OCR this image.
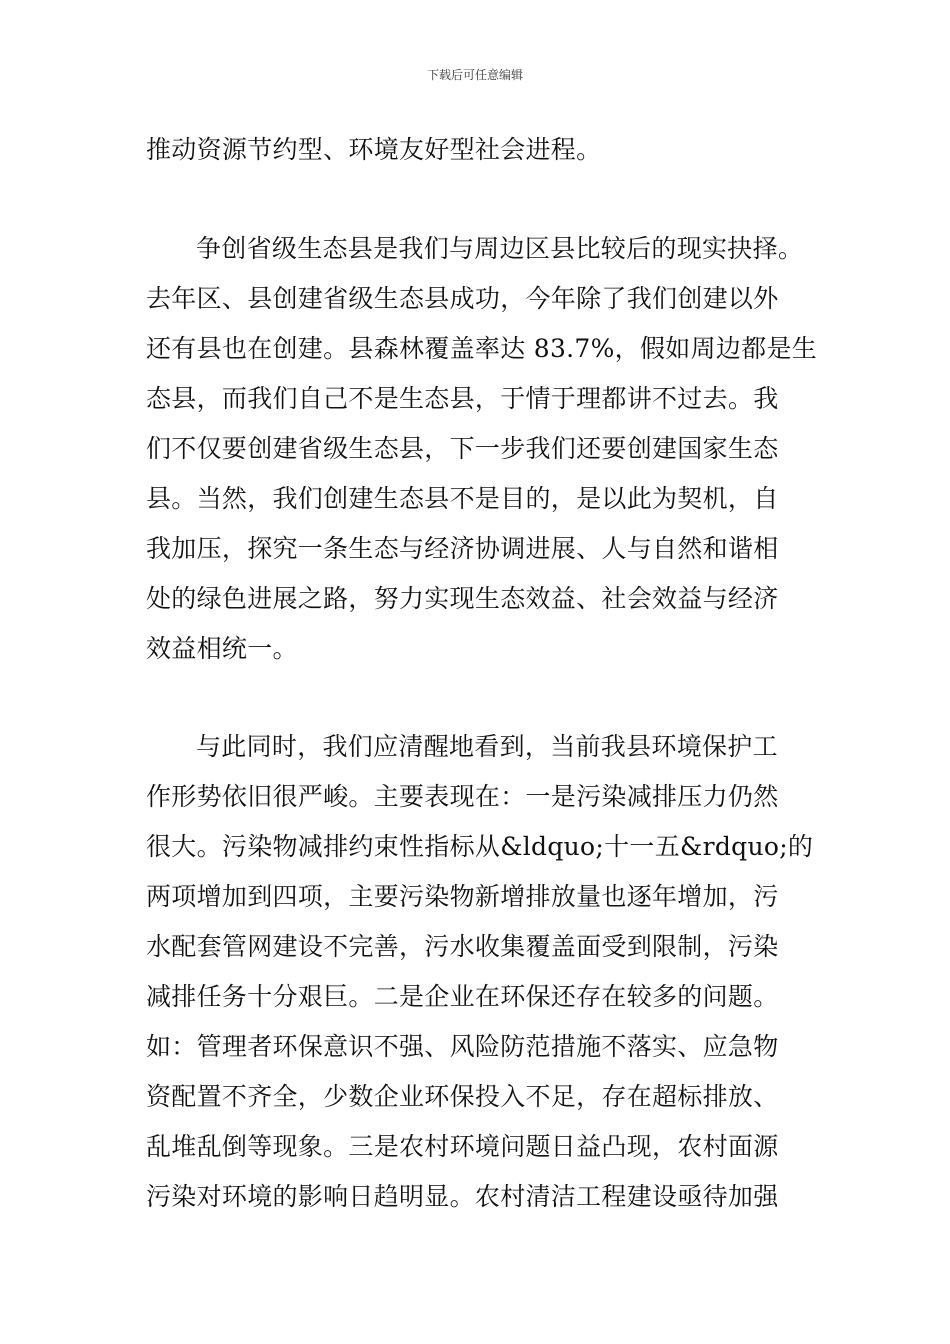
下载后可任意编辑
推动资源节约型、环境友好型社会进程。
争创省级生态县是我们与周边区县比较后的现实抉择。
去年区、县创建省级生态县成功，今年除了我们创建以外
还有县也在创建。县森林覆盖率达 83.7%，假如周边都是生
态县，而我们自己不是生态县，于情于理都讲不过去。我
们不仅要创建省级生态县，下一步我们还要创建国家生态
县。当然，我们创建生态县不是目的，是以此为契机，自
我加压，探究一条生态与经济协调进展、人与自然和谐相
处的绿色进展之路，努力实现生态效益、社会效益与经济
效益相统一。
与此同时，我们应清醒地看到，当前我县环境保护工
作形势依旧很严峻。主要表现在：一是污染减排压力仍然
很大。污染物减排约束性指标从&ldquo;十一五&rdquo;的
两项增加到四项，主要污染物新增排放量也逐年增加，污
水配套管网建设不完善，污水收集覆盖面受到限制，污染
减排任务十分艰巨。二是企业在环保还存在较多的问题。
如：管理者环保意识不强、风险防范措施不落实、应急物
资配置不齐全，少数企业环保投入不足，存在超标排放、
乱堆乱倒等现象。三是农村环境问题日益凸现，农村面源
污染对环境的影响日趋明显。农村清洁工程建设亟待加强
